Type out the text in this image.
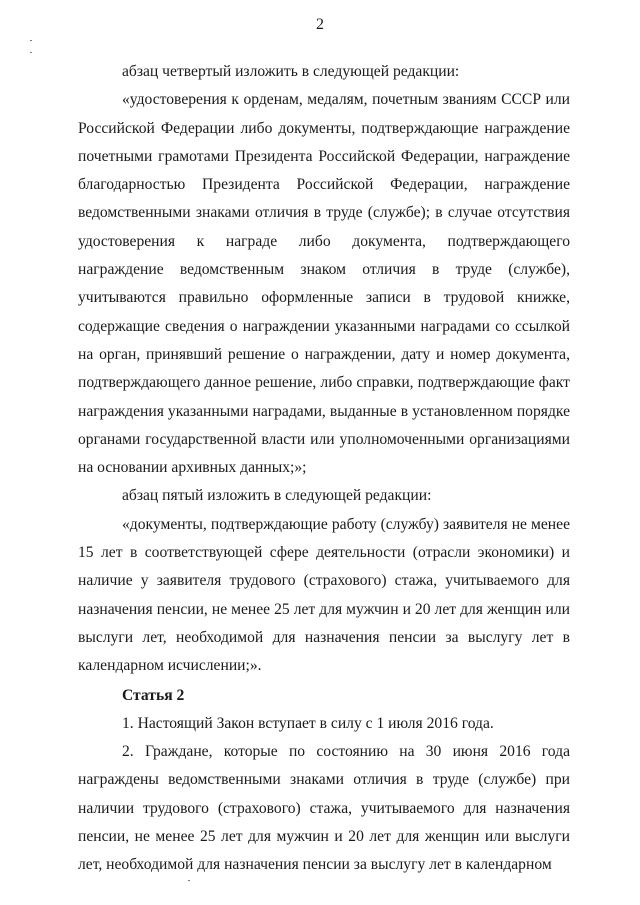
2

абзац четвертый изложить в следующей редакции:

«удостоверения к орденам, медалям, почетным званиям СССР или Российской Федерации либо документы, подтверждающие награждение почетными грамотами Президента Российской Федерации, награждение благодарностью Президента Российской Федерации, награждение ведомственными знаками отличия в труде (службе); в случае отсутствия удостоверения к награде либо документа, подтверждающего награждение ведомственным знаком отличия в труде (службе), учитываются правильно оформленные записи в трудовой книжке, содержащие сведения о награждении указанными наградами со ссылкой на орган, принявший решение о награждении, дату и номер документа, подтверждающего данное решение, либо справки, подтверждающие факт награждения указанными наградами, выданные в установленном порядке органами государственной власти или уполномоченными организациями на основании архивных данных;»;

абзац пятый изложить в следующей редакции:

«документы, подтверждающие работу (службу) заявителя не менее 15 лет в соответствующей сфере деятельности (отрасли экономики) и наличие у заявителя трудового (страхового) стажа, учитываемого для назначения пенсии, не менее 25 лет для мужчин и 20 лет для женщин или выслуги лет, необходимой для назначения пенсии за выслугу лет в календарном исчислении;».

Статья 2

1. Настоящий Закон вступает в силу с 1 июля 2016 года.

2. Граждане, которые по состоянию на 30 июня 2016 года награждены ведомственными знаками отличия в труде (службе) при наличии трудового (страхового) стажа, учитываемого для назначения пенсии, не менее 25 лет для мужчин и 20 лет для женщин или выслуги лет, необходимой для назначения пенсии за выслугу лет в календарном
